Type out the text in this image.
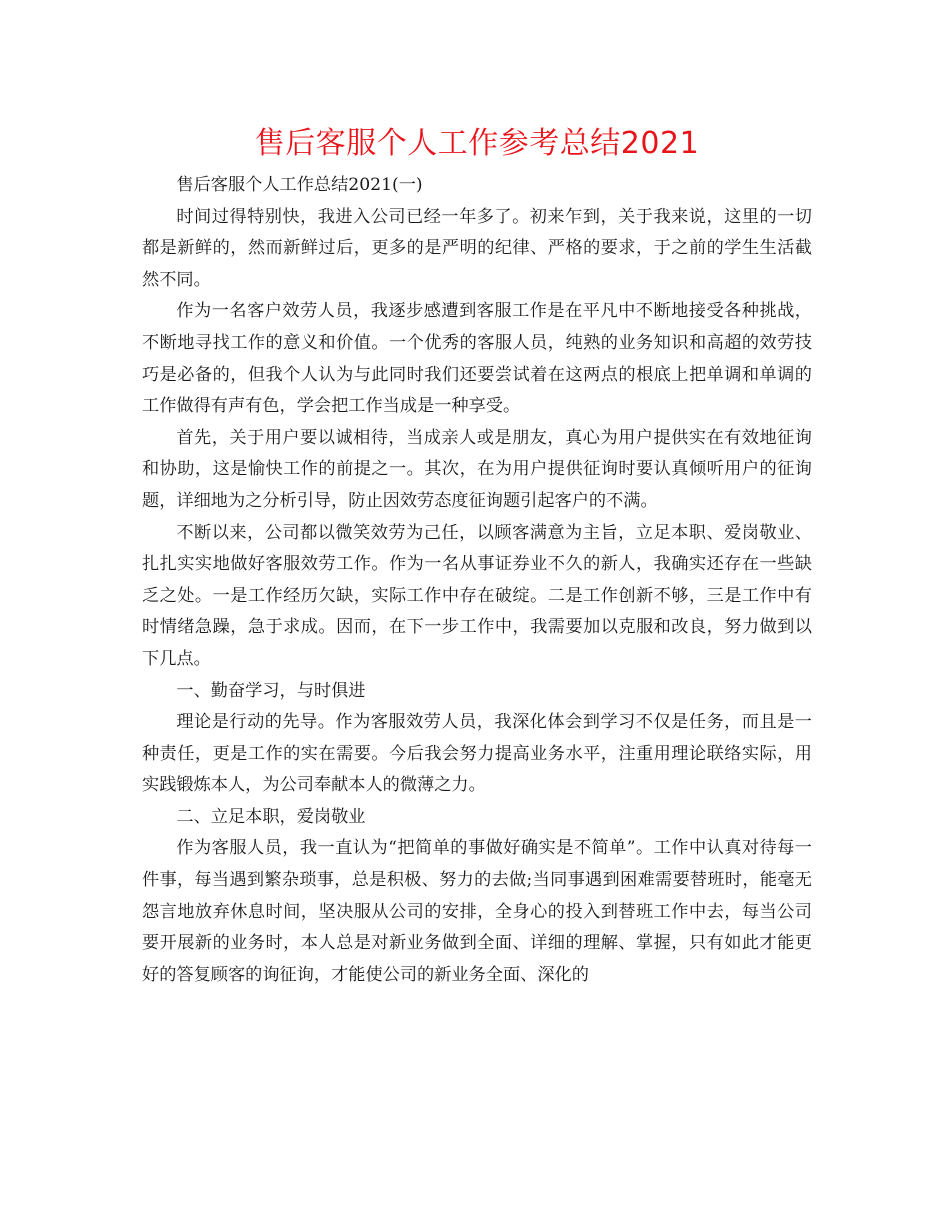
售后客服个人工作参考总结2021

售后客服个人工作总结2021(一)

时间过得特别快，我进入公司已经一年多了。初来乍到，关于我来说，这里的一切都是新鲜的，然而新鲜过后，更多的是严明的纪律、严格的要求，于之前的学生生活截然不同。

作为一名客户效劳人员，我逐步感遭到客服工作是在平凡中不断地接受各种挑战，不断地寻找工作的意义和价值。一个优秀的客服人员，纯熟的业务知识和高超的效劳技巧是必备的，但我个人认为与此同时我们还要尝试着在这两点的根底上把单调和单调的工作做得有声有色，学会把工作当成是一种享受。

首先，关于用户要以诚相待，当成亲人或是朋友，真心为用户提供实在有效地征询和协助，这是愉快工作的前提之一。其次，在为用户提供征询时要认真倾听用户的征询题，详细地为之分析引导，防止因效劳态度征询题引起客户的不满。

不断以来，公司都以微笑效劳为己任，以顾客满意为主旨，立足本职、爱岗敬业、扎扎实实地做好客服效劳工作。作为一名从事证券业不久的新人，我确实还存在一些缺乏之处。一是工作经历欠缺，实际工作中存在破绽。二是工作创新不够，三是工作中有时情绪急躁，急于求成。因而，在下一步工作中，我需要加以克服和改良，努力做到以下几点。

一、勤奋学习，与时俱进

理论是行动的先导。作为客服效劳人员，我深化体会到学习不仅是任务，而且是一种责任，更是工作的实在需要。今后我会努力提高业务水平，注重用理论联络实际，用实践锻炼本人，为公司奉献本人的微薄之力。

二、立足本职，爱岗敬业

作为客服人员，我一直认为“把简单的事做好确实是不简单”。工作中认真对待每一件事，每当遇到繁杂琐事，总是积极、努力的去做;当同事遇到困难需要替班时，能毫无怨言地放弃休息时间，坚决服从公司的安排，全身心的投入到替班工作中去，每当公司要开展新的业务时，本人总是对新业务做到全面、详细的理解、掌握，只有如此才能更好的答复顾客的询征询，才能使公司的新业务全面、深化的
